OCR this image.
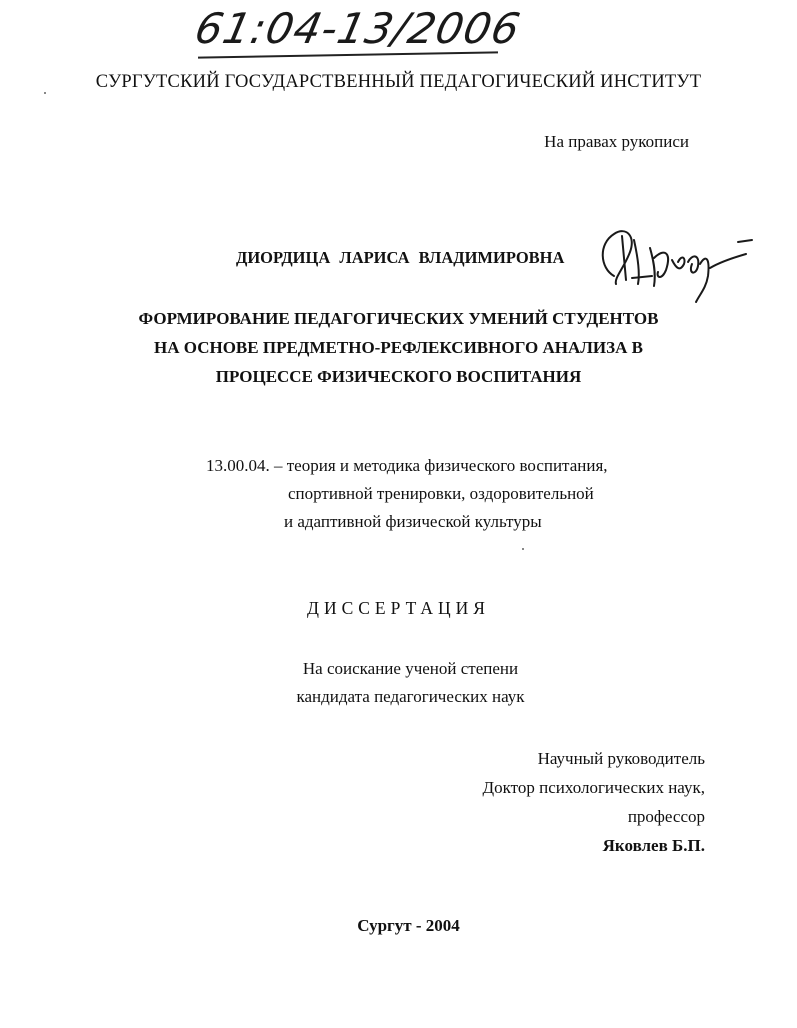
61:04-13/2006
СУРГУТСКИЙ ГОСУДАРСТВЕННЫЙ ПЕДАГОГИЧЕСКИЙ ИНСТИТУТ
На правах рукописи
ДИОРДИЦА ЛАРИСА ВЛАДИМИРОВНА
ФОРМИРОВАНИЕ ПЕДАГОГИЧЕСКИХ УМЕНИЙ СТУДЕНТОВ
НА ОСНОВЕ ПРЕДМЕТНО-РЕФЛЕКСИВНОГО АНАЛИЗА В
ПРОЦЕССЕ ФИЗИЧЕСКОГО ВОСПИТАНИЯ
13.00.04. – теория и методика физического воспитания,
спортивной тренировки, оздоровительной
и адаптивной физической культуры
ДИССЕРТАЦИЯ
На соискание ученой степени
кандидата педагогических наук
Научный руководитель
Доктор психологических наук,
профессор
Яковлев Б.П.
Сургут - 2004
